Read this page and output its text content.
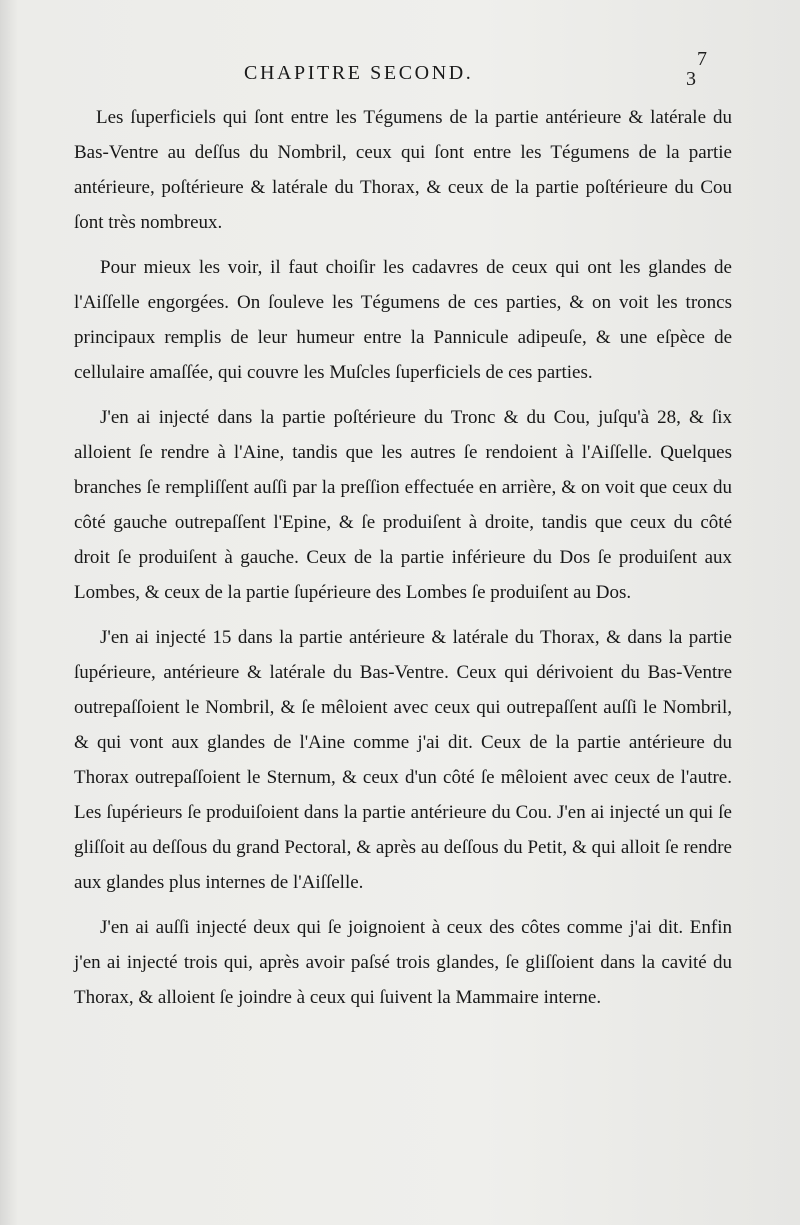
7
3
CHAPITRE SECOND.

Les ſuperficiels qui ſont entre les Tégumens de la partie antérieure & latérale du Bas-Ventre au deſſus du Nombril, ceux qui ſont entre les Tégumens de la partie antérieure, poſtérieure & latérale du Thorax, & ceux de la partie poſtérieure du Cou ſont très nombreux.

Pour mieux les voir, il faut choiſir les cadavres de ceux qui ont les glandes de l'Aiſſelle engorgées. On ſouleve les Tégumens de ces parties, & on voit les troncs principaux remplis de leur humeur entre la Pannicule adipeuſe, & une eſpèce de cellulaire amaſſée, qui couvre les Muſcles ſuperficiels de ces parties.

J'en ai injecté dans la partie poſtérieure du Tronc & du Cou, juſqu'à 28, & ſix alloient ſe rendre à l'Aine, tandis que les autres ſe rendoient à l'Aiſſelle. Quelques branches ſe rempliſſent auſſi par la preſſion effectuée en arrière, & on voit que ceux du côté gauche outrepaſſent l'Epine, & ſe produiſent à droite, tandis que ceux du côté droit ſe produiſent à gauche. Ceux de la partie inférieure du Dos ſe produiſent aux Lombes, & ceux de la partie ſupérieure des Lombes ſe produiſent au Dos.

J'en ai injecté 15 dans la partie antérieure & latérale du Thorax, & dans la partie ſupérieure, antérieure & latérale du Bas-Ventre. Ceux qui dérivoient du Bas-Ventre outrepaſſoient le Nombril, & ſe mêloient avec ceux qui outrepaſſent auſſi le Nombril, & qui vont aux glandes de l'Aine comme j'ai dit. Ceux de la partie antérieure du Thorax outrepaſſoient le Sternum, & ceux d'un côté ſe mêloient avec ceux de l'autre. Les ſupérieurs ſe produiſoient dans la partie antérieure du Cou. J'en ai injecté un qui ſe gliſſoit au deſſous du grand Pectoral, & après au deſſous du Petit, & qui alloit ſe rendre aux glandes plus internes de l'Aiſſelle.

J'en ai auſſi injecté deux qui ſe joignoient à ceux des côtes comme j'ai dit. Enfin j'en ai injecté trois qui, après avoir paſsé trois glandes, ſe gliſſoient dans la cavité du Thorax, & alloient ſe joindre à ceux qui ſuivent la Mammaire interne.
